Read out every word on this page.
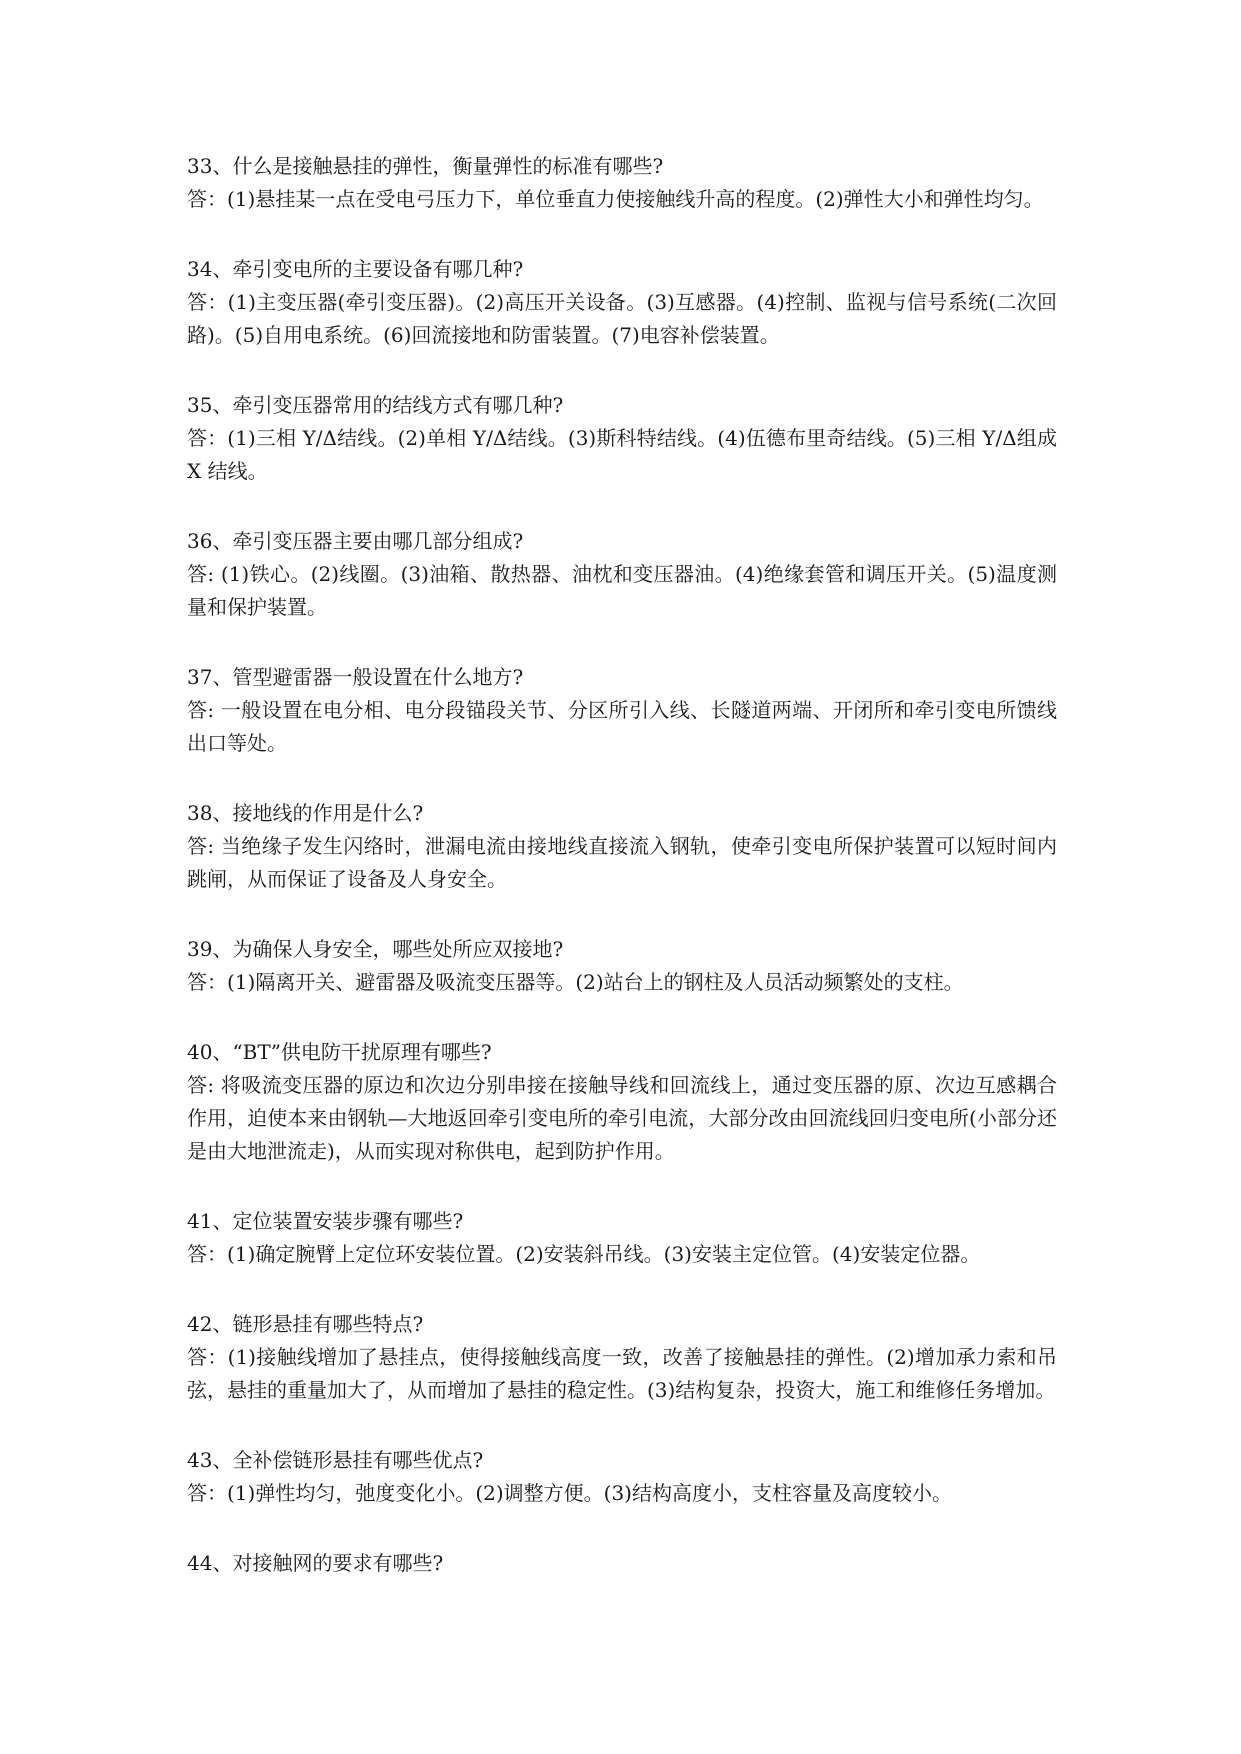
33、什么是接触悬挂的弹性，衡量弹性的标准有哪些?

答：(1)悬挂某一点在受电弓压力下，单位垂直力使接触线升高的程度。(2)弹性大小和弹性均匀。

34、牵引变电所的主要设备有哪几种?

答：(1)主变压器(牵引变压器)。(2)高压开关设备。(3)互感器。(4)控制、监视与信号系统(二次回路)。(5)自用电系统。(6)回流接地和防雷装置。(7)电容补偿装置。

35、牵引变压器常用的结线方式有哪几种?

答：(1)三相 Y/Δ结线。(2)单相 Y/Δ结线。(3)斯科特结线。(4)伍德布里奇结线。(5)三相 Y/Δ组成 X 结线。

36、牵引变压器主要由哪几部分组成?

答: (1)铁心。(2)线圈。(3)油箱、散热器、油枕和变压器油。(4)绝缘套管和调压开关。(5)温度测量和保护装置。

37、管型避雷器一般设置在什么地方?

答: 一般设置在电分相、电分段锚段关节、分区所引入线、长隧道两端、开闭所和牵引变电所馈线出口等处。

38、接地线的作用是什么?

答: 当绝缘子发生闪络时，泄漏电流由接地线直接流入钢轨，使牵引变电所保护装置可以短时间内跳闸，从而保证了设备及人身安全。

39、为确保人身安全，哪些处所应双接地?

答：(1)隔离开关、避雷器及吸流变压器等。(2)站台上的钢柱及人员活动频繁处的支柱。

40、“BT”供电防干扰原理有哪些?

答: 将吸流变压器的原边和次边分别串接在接触导线和回流线上，通过变压器的原、次边互感耦合作用，迫使本来由钢轨—大地返回牵引变电所的牵引电流，大部分改由回流线回归变电所(小部分还是由大地泄流走)，从而实现对称供电，起到防护作用。

41、定位装置安装步骤有哪些?

答：(1)确定腕臂上定位环安装位置。(2)安装斜吊线。(3)安装主定位管。(4)安装定位器。

42、链形悬挂有哪些特点?

答：(1)接触线增加了悬挂点，使得接触线高度一致，改善了接触悬挂的弹性。(2)增加承力索和吊弦，悬挂的重量加大了，从而增加了悬挂的稳定性。(3)结构复杂，投资大，施工和维修任务增加。

43、全补偿链形悬挂有哪些优点?

答：(1)弹性均匀，弛度变化小。(2)调整方便。(3)结构高度小，支柱容量及高度较小。

44、对接触网的要求有哪些?
